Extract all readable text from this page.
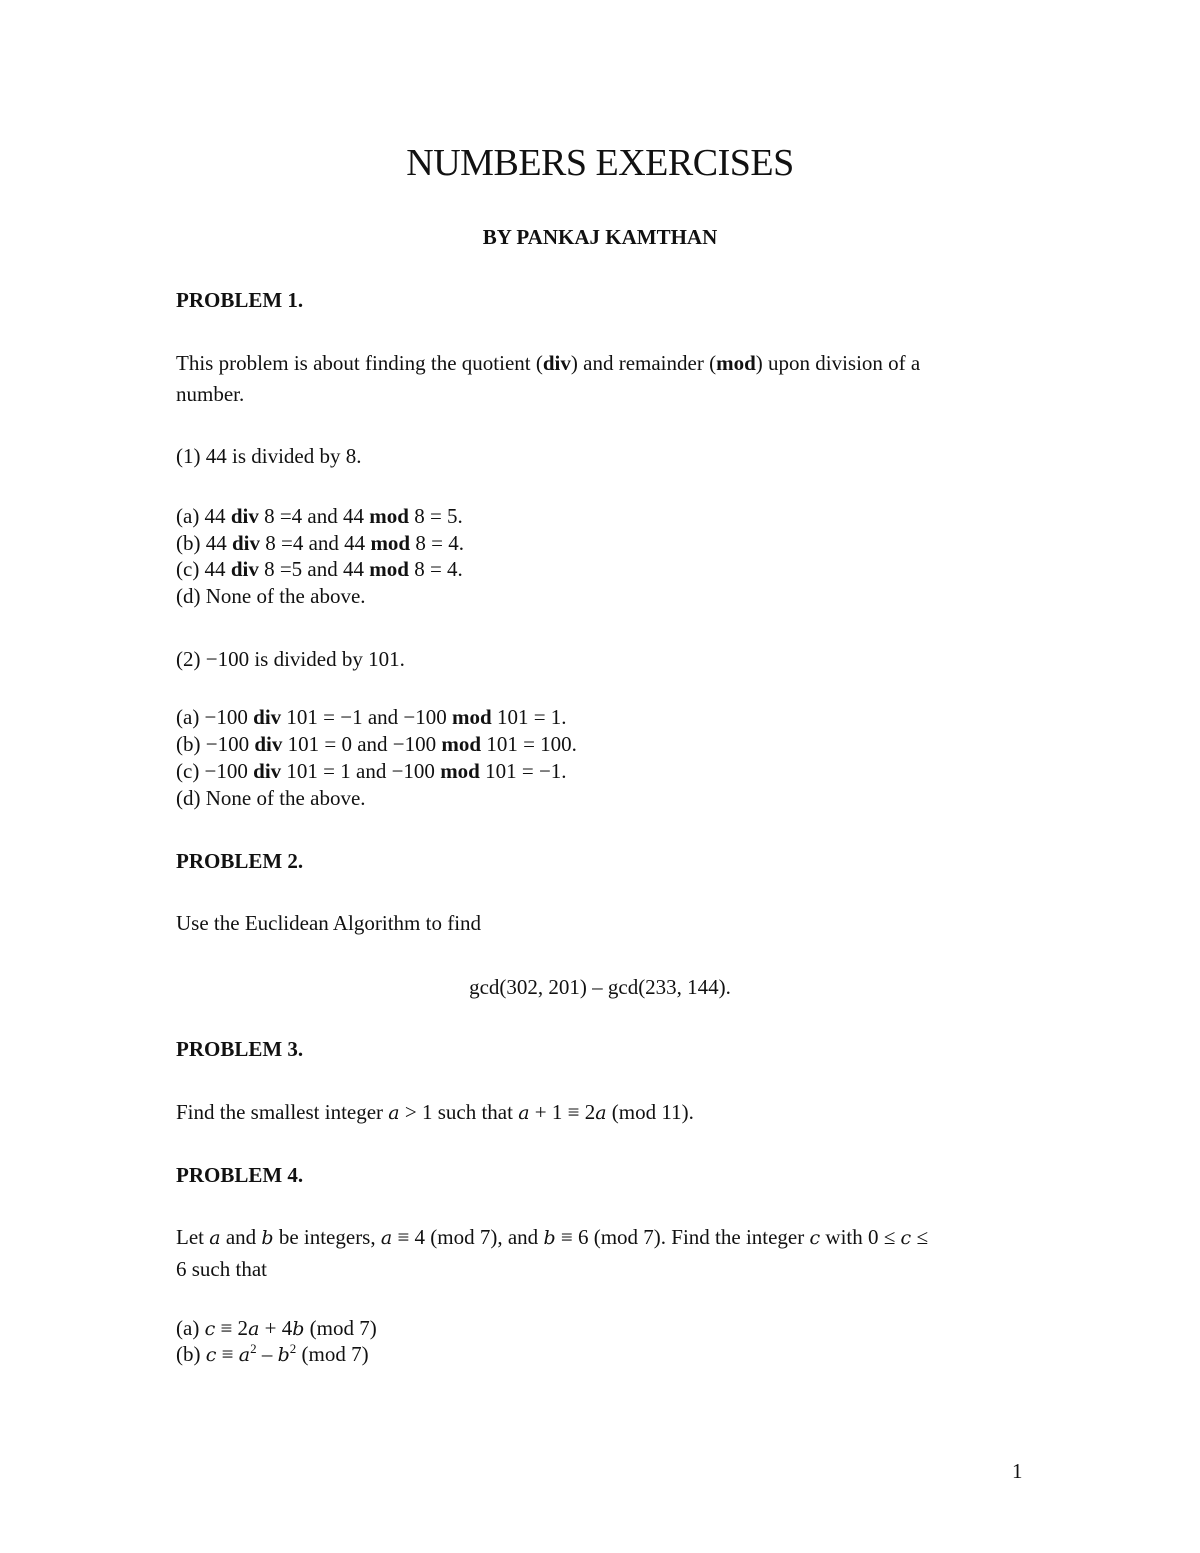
NUMBERS EXERCISES
BY PANKAJ KAMTHAN
PROBLEM 1.
This problem is about finding the quotient (div) and remainder (mod) upon division of a
number.
(1) 44 is divided by 8.
(a) 44 div 8 =4 and 44 mod 8 = 5.
(b) 44 div 8 =4 and 44 mod 8 = 4.
(c) 44 div 8 =5 and 44 mod 8 = 4.
(d) None of the above.
(2) −100 is divided by 101.
(a) −100 div 101 = −1 and −100 mod 101 = 1.
(b) −100 div 101 = 0 and −100 mod 101 = 100.
(c) −100 div 101 = 1 and −100 mod 101 = −1.
(d) None of the above.
PROBLEM 2.
Use the Euclidean Algorithm to find
gcd(302, 201) – gcd(233, 144).
PROBLEM 3.
Find the smallest integer a > 1 such that a + 1 ≡ 2a (mod 11).
PROBLEM 4.
Let a and b be integers, a ≡ 4 (mod 7), and b ≡ 6 (mod 7). Find the integer c with 0 ≤ c ≤
6 such that
(a) c ≡ 2a + 4b (mod 7)
(b) $c \equiv a^2 - b^2$ (mod 7)
1
